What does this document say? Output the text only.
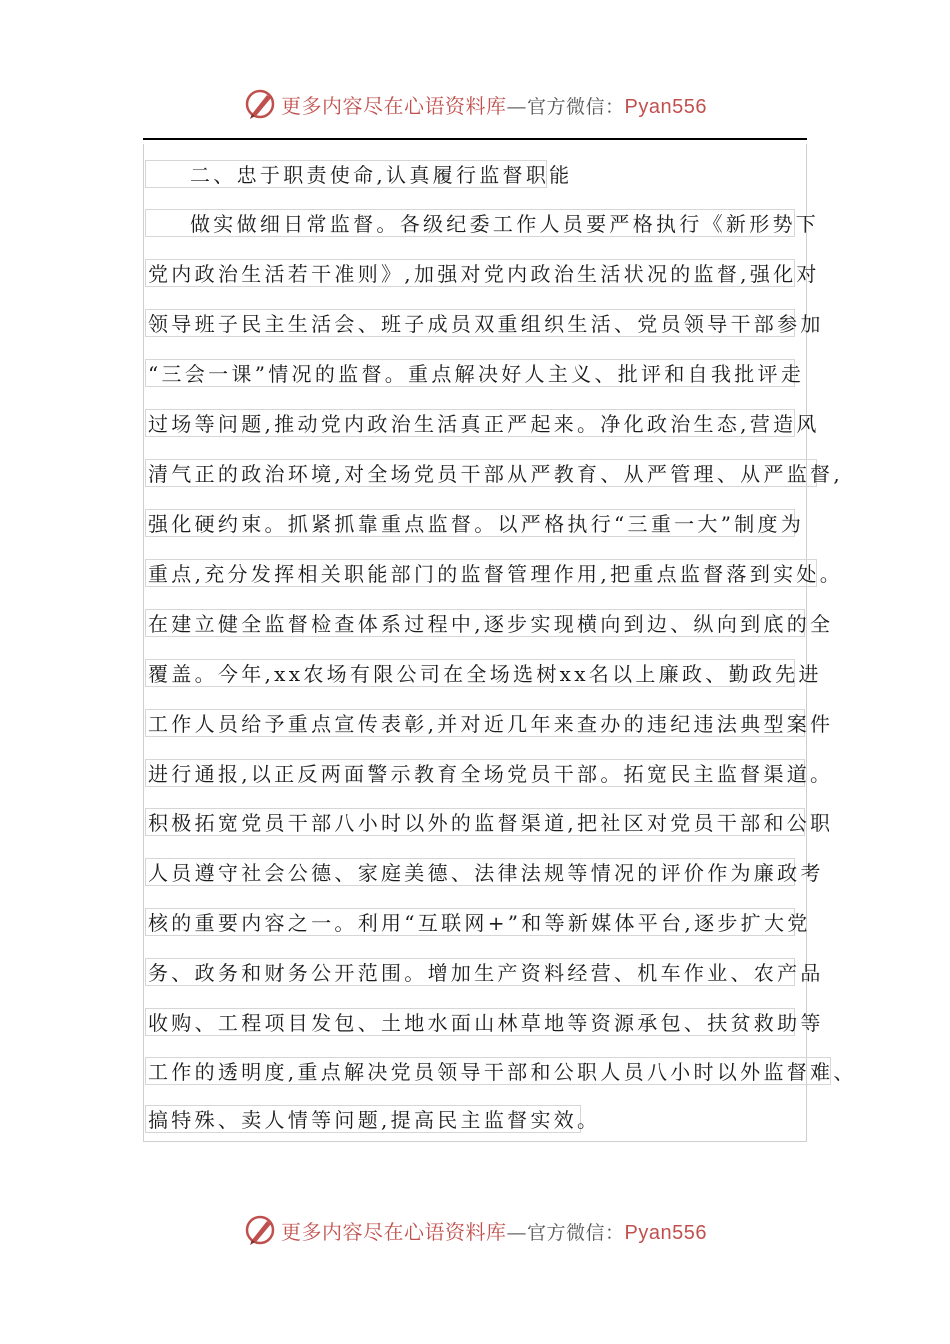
更多内容尽在心语资料库—官方微信：Pyan556
二、忠于职责使命,认真履行监督职能
做实做细日常监督。各级纪委工作人员要严格执行《新形势下
党内政治生活若干准则》,加强对党内政治生活状况的监督,强化对
领导班子民主生活会、班子成员双重组织生活、党员领导干部参加
“三会一课”情况的监督。重点解决好人主义、批评和自我批评走
过场等问题,推动党内政治生活真正严起来。净化政治生态,营造风
清气正的政治环境,对全场党员干部从严教育、从严管理、从严监督,
强化硬约束。抓紧抓靠重点监督。以严格执行“三重一大”制度为
重点,充分发挥相关职能部门的监督管理作用,把重点监督落到实处。
在建立健全监督检查体系过程中,逐步实现横向到边、纵向到底的全
覆盖。今年,xx农场有限公司在全场选树xx名以上廉政、勤政先进
工作人员给予重点宣传表彰,并对近几年来查办的违纪违法典型案件
进行通报,以正反两面警示教育全场党员干部。拓宽民主监督渠道。
积极拓宽党员干部八小时以外的监督渠道,把社区对党员干部和公职
人员遵守社会公德、家庭美德、法律法规等情况的评价作为廉政考
核的重要内容之一。利用“互联网+”和等新媒体平台,逐步扩大党
务、政务和财务公开范围。增加生产资料经营、机车作业、农产品
收购、工程项目发包、土地水面山林草地等资源承包、扶贫救助等
工作的透明度,重点解决党员领导干部和公职人员八小时以外监督难、
搞特殊、卖人情等问题,提高民主监督实效。
更多内容尽在心语资料库—官方微信：Pyan556
